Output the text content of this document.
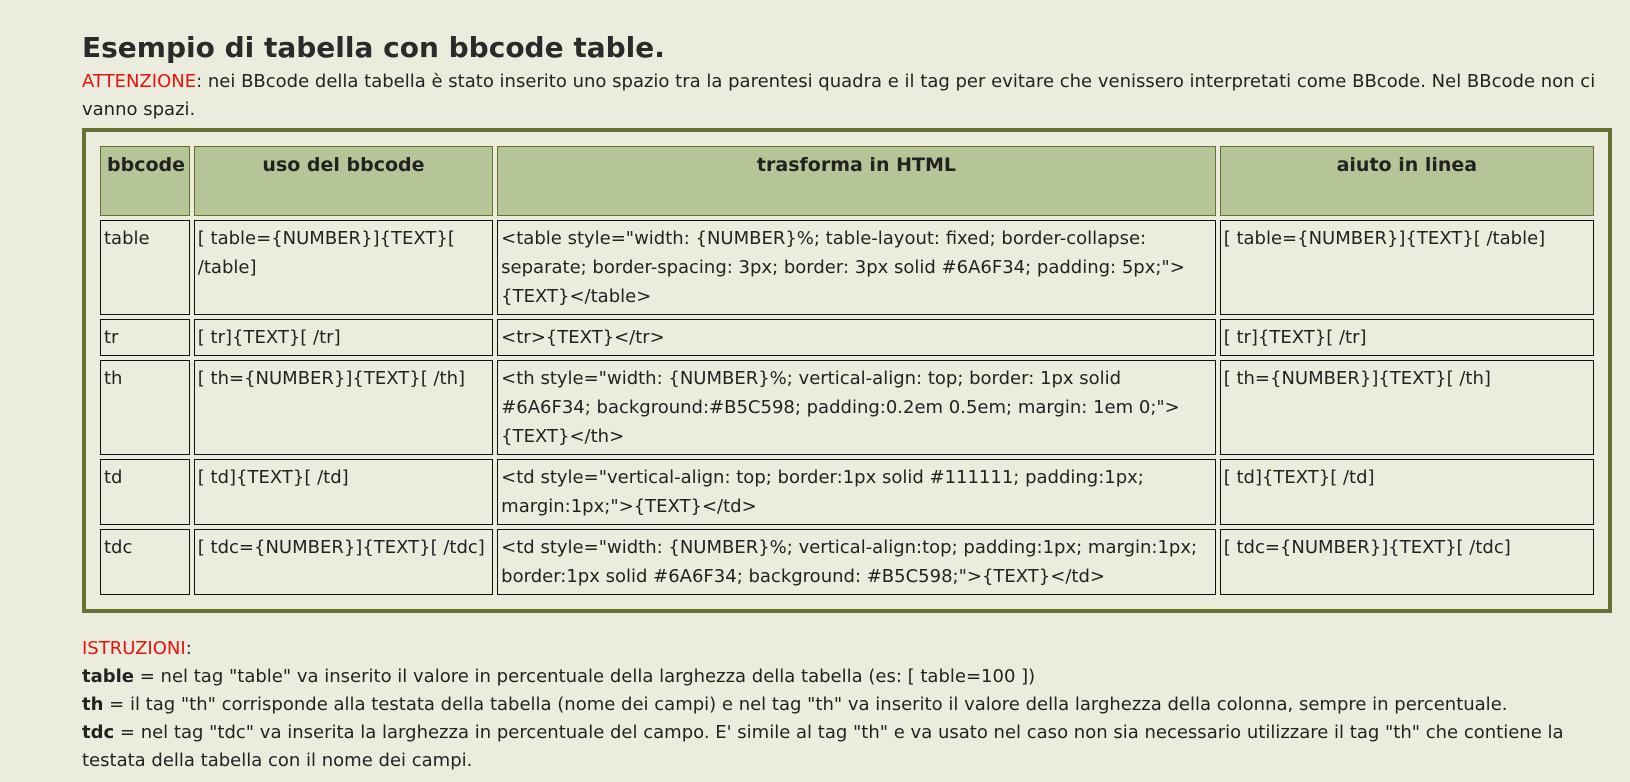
Esempio di tabella con bbcode table.

ATTENZIONE: nei BBcode della tabella è stato inserito uno spazio tra la parentesi quadra e il tag per evitare che venissero interpretati come BBcode. Nel BBcode non ci vanno spazi.

bbcode	uso del bbcode	trasforma in HTML	aiuto in linea
table	[ table={NUMBER}]{TEXT}[ /table]	<table style="width: {NUMBER}%; table-layout: fixed; border-collapse: separate; border-spacing: 3px; border: 3px solid #6A6F34; padding: 5px;">{TEXT}</table>	[ table={NUMBER}]{TEXT}[ /table]
tr	[ tr]{TEXT}[ /tr]	<tr>{TEXT}</tr>	[ tr]{TEXT}[ /tr]
th	[ th={NUMBER}]{TEXT}[ /th]	<th style="width: {NUMBER}%; vertical-align: top; border: 1px solid #6A6F34; background:#B5C598; padding:0.2em 0.5em; margin: 1em 0;">{TEXT}</th>	[ th={NUMBER}]{TEXT}[ /th]
td	[ td]{TEXT}[ /td]	<td style="vertical-align: top; border:1px solid #111111; padding:1px; margin:1px;">{TEXT}</td>	[ td]{TEXT}[ /td]
tdc	[ tdc={NUMBER}]{TEXT}[ /tdc]	<td style="width: {NUMBER}%; vertical-align:top; padding:1px; margin:1px; border:1px solid #6A6F34; background: #B5C598;">{TEXT}</td>	[ tdc={NUMBER}]{TEXT}[ /tdc]

ISTRUZIONI:

table = nel tag "table" va inserito il valore in percentuale della larghezza della tabella (es: [ table=100 ])

th = il tag "th" corrisponde alla testata della tabella (nome dei campi) e nel tag "th" va inserito il valore della larghezza della colonna, sempre in percentuale.

tdc = nel tag "tdc" va inserita la larghezza in percentuale del campo. E' simile al tag "th" e va usato nel caso non sia necessario utilizzare il tag "th" che contiene la testata della tabella con il nome dei campi.
